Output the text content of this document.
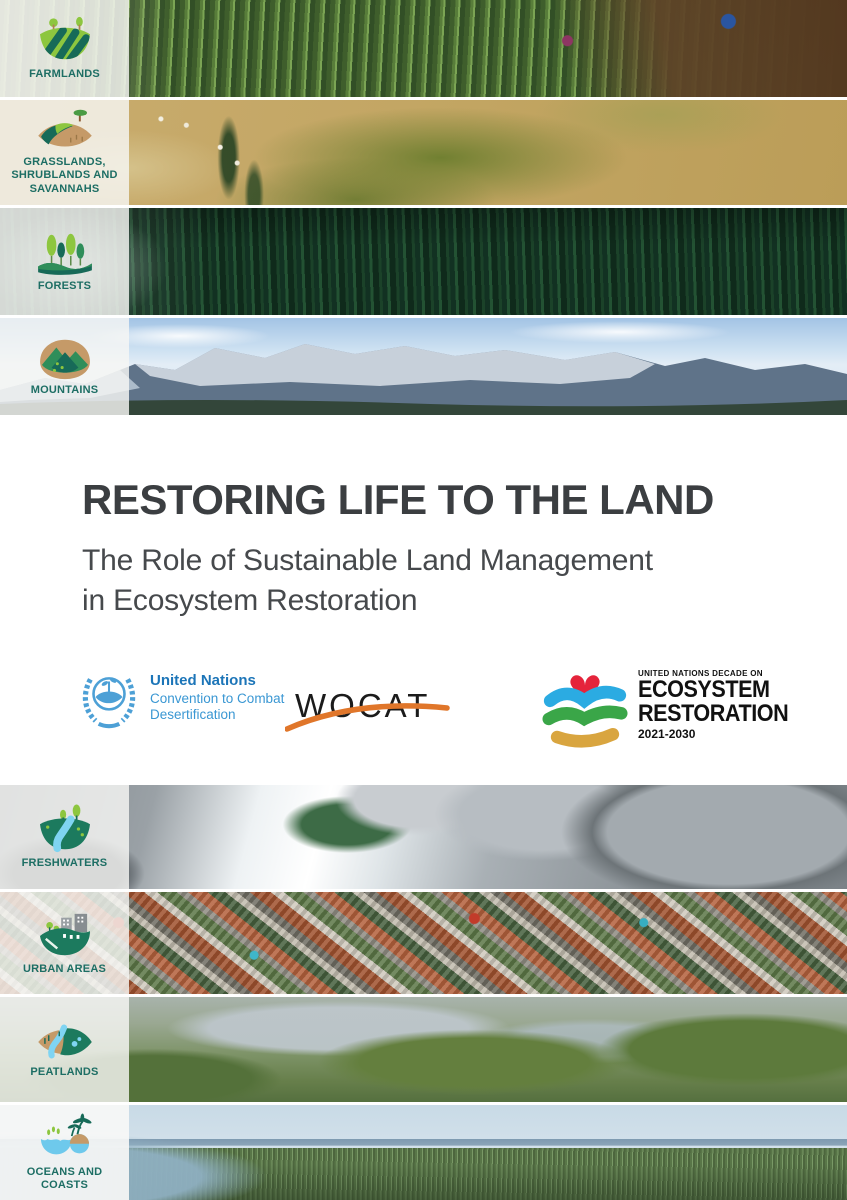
FARMLANDS
GRASSLANDS,
SHRUBLANDS AND
SAVANNAHS
FORESTS
MOUNTAINS
RESTORING LIFE TO THE LAND
The Role of Sustainable Land Management
in Ecosystem Restoration
United Nations
Convention to Combat
Desertification	WOCAT
UNITED NATIONS DECADE ON
ECOSYSTEM
RESTORATION
2021-2030
FRESHWATERS
URBAN AREAS
PEATLANDS
OCEANS AND COASTS
